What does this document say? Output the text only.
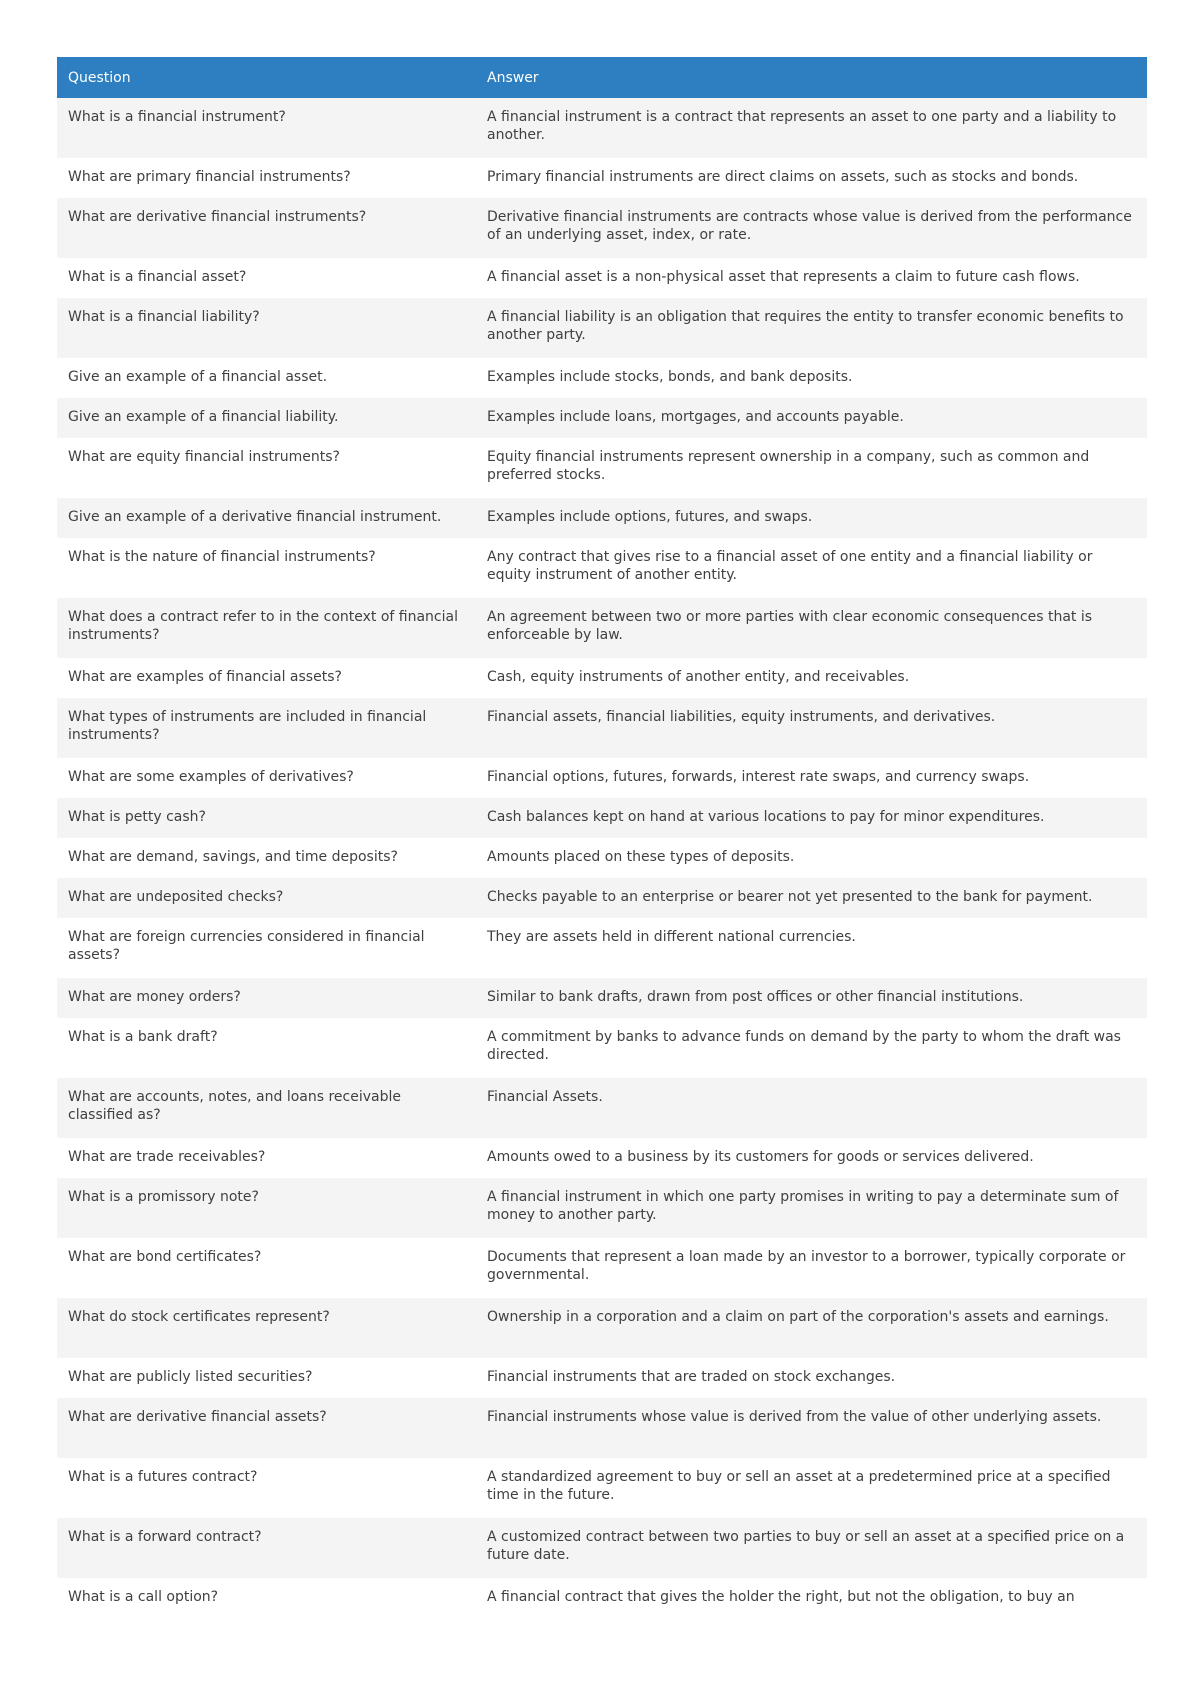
Question	Answer
What is a financial instrument?	A financial instrument is a contract that represents an asset to one party and a liability to another.
What are primary financial instruments?	Primary financial instruments are direct claims on assets, such as stocks and bonds.
What are derivative financial instruments?	Derivative financial instruments are contracts whose value is derived from the performance of an underlying asset, index, or rate.
What is a financial asset?	A financial asset is a non-physical asset that represents a claim to future cash flows.
What is a financial liability?	A financial liability is an obligation that requires the entity to transfer economic benefits to another party.
Give an example of a financial asset.	Examples include stocks, bonds, and bank deposits.
Give an example of a financial liability.	Examples include loans, mortgages, and accounts payable.
What are equity financial instruments?	Equity financial instruments represent ownership in a company, such as common and preferred stocks.
Give an example of a derivative financial instrument.	Examples include options, futures, and swaps.
What is the nature of financial instruments?	Any contract that gives rise to a financial asset of one entity and a financial liability or equity instrument of another entity.
What does a contract refer to in the context of financial instruments?	An agreement between two or more parties with clear economic consequences that is enforceable by law.
What are examples of financial assets?	Cash, equity instruments of another entity, and receivables.
What types of instruments are included in financial instruments?	Financial assets, financial liabilities, equity instruments, and derivatives.
What are some examples of derivatives?	Financial options, futures, forwards, interest rate swaps, and currency swaps.
What is petty cash?	Cash balances kept on hand at various locations to pay for minor expenditures.
What are demand, savings, and time deposits?	Amounts placed on these types of deposits.
What are undeposited checks?	Checks payable to an enterprise or bearer not yet presented to the bank for payment.
What are foreign currencies considered in financial assets?	They are assets held in different national currencies.
What are money orders?	Similar to bank drafts, drawn from post offices or other financial institutions.
What is a bank draft?	A commitment by banks to advance funds on demand by the party to whom the draft was directed.
What are accounts, notes, and loans receivable classified as?	Financial Assets.
What are trade receivables?	Amounts owed to a business by its customers for goods or services delivered.
What is a promissory note?	A financial instrument in which one party promises in writing to pay a determinate sum of money to another party.
What are bond certificates?	Documents that represent a loan made by an investor to a borrower, typically corporate or governmental.
What do stock certificates represent?	Ownership in a corporation and a claim on part of the corporation's assets and earnings.
What are publicly listed securities?	Financial instruments that are traded on stock exchanges.
What are derivative financial assets?	Financial instruments whose value is derived from the value of other underlying assets.
What is a futures contract?	A standardized agreement to buy or sell an asset at a predetermined price at a specified time in the future.
What is a forward contract?	A customized contract between two parties to buy or sell an asset at a specified price on a future date.
What is a call option?	A financial contract that gives the holder the right, but not the obligation, to buy an
